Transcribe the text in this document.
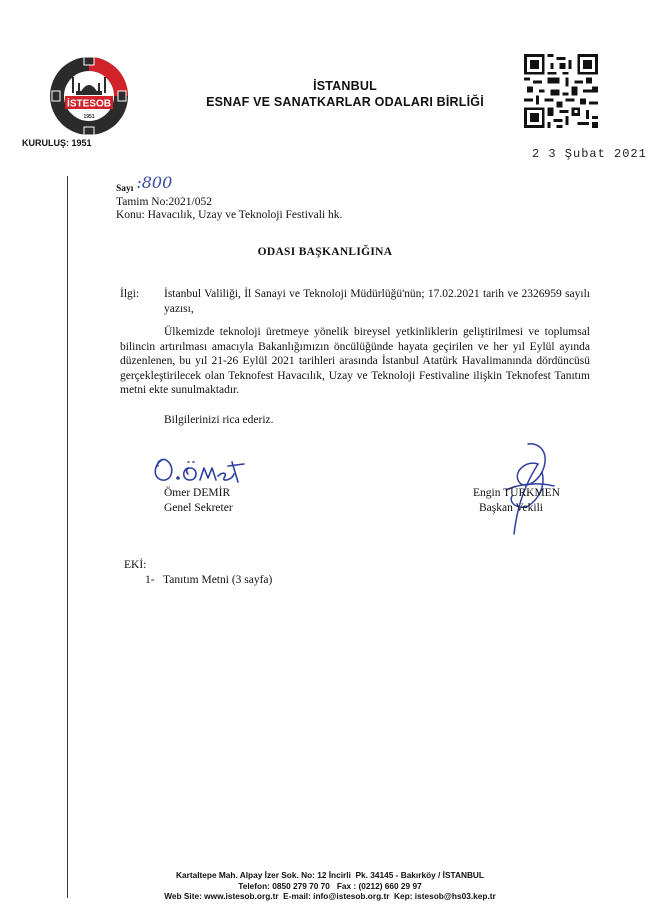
İSTESOB
1951
KURULUŞ: 1951
İSTANBUL
ESNAF VE SANATKARLAR ODALARI BİRLİĞİ
2 3 Şubat 2021
Sayı :800
Tamim No:2021/052
Konu: Havacılık, Uzay ve Teknoloji Festivali hk.
ODASI BAŞKANLIĞINA
İlgi:	İstanbul Valiliği, İl Sanayi ve Teknoloji Müdürlüğü'nün; 17.02.2021 tarih ve 2326959 sayılı yazısı,
Ülkemizde teknoloji üretmeye yönelik bireysel yetkinliklerin geliştirilmesi ve toplumsal bilincin artırılması amacıyla Bakanlığımızın öncülüğünde hayata geçirilen ve her yıl Eylül ayında düzenlenen, bu yıl 21-26 Eylül 2021 tarihleri arasında İstanbul Atatürk Havalimanında dördüncüsü gerçekleştirilecek olan Teknofest Havacılık, Uzay ve Teknoloji Festivaline ilişkin Teknofest Tanıtım metni ekte sunulmaktadır.
Bilgilerinizi rica ederiz.
Ömer DEMİR
Genel Sekreter
Engin TÜRKMEN
Başkan Vekili
EKİ:
1-   Tanıtım Metni (3 sayfa)
Kartaltepe Mah. Alpay İzer Sok. No: 12 İncirli  Pk. 34145 - Bakırköy / İSTANBUL
Telefon: 0850 279 70 70   Fax : (0212) 660 29 97
Web Site: www.istesob.org.tr  E-mail: info@istesob.org.tr  Kep: istesob@hs03.kep.tr
